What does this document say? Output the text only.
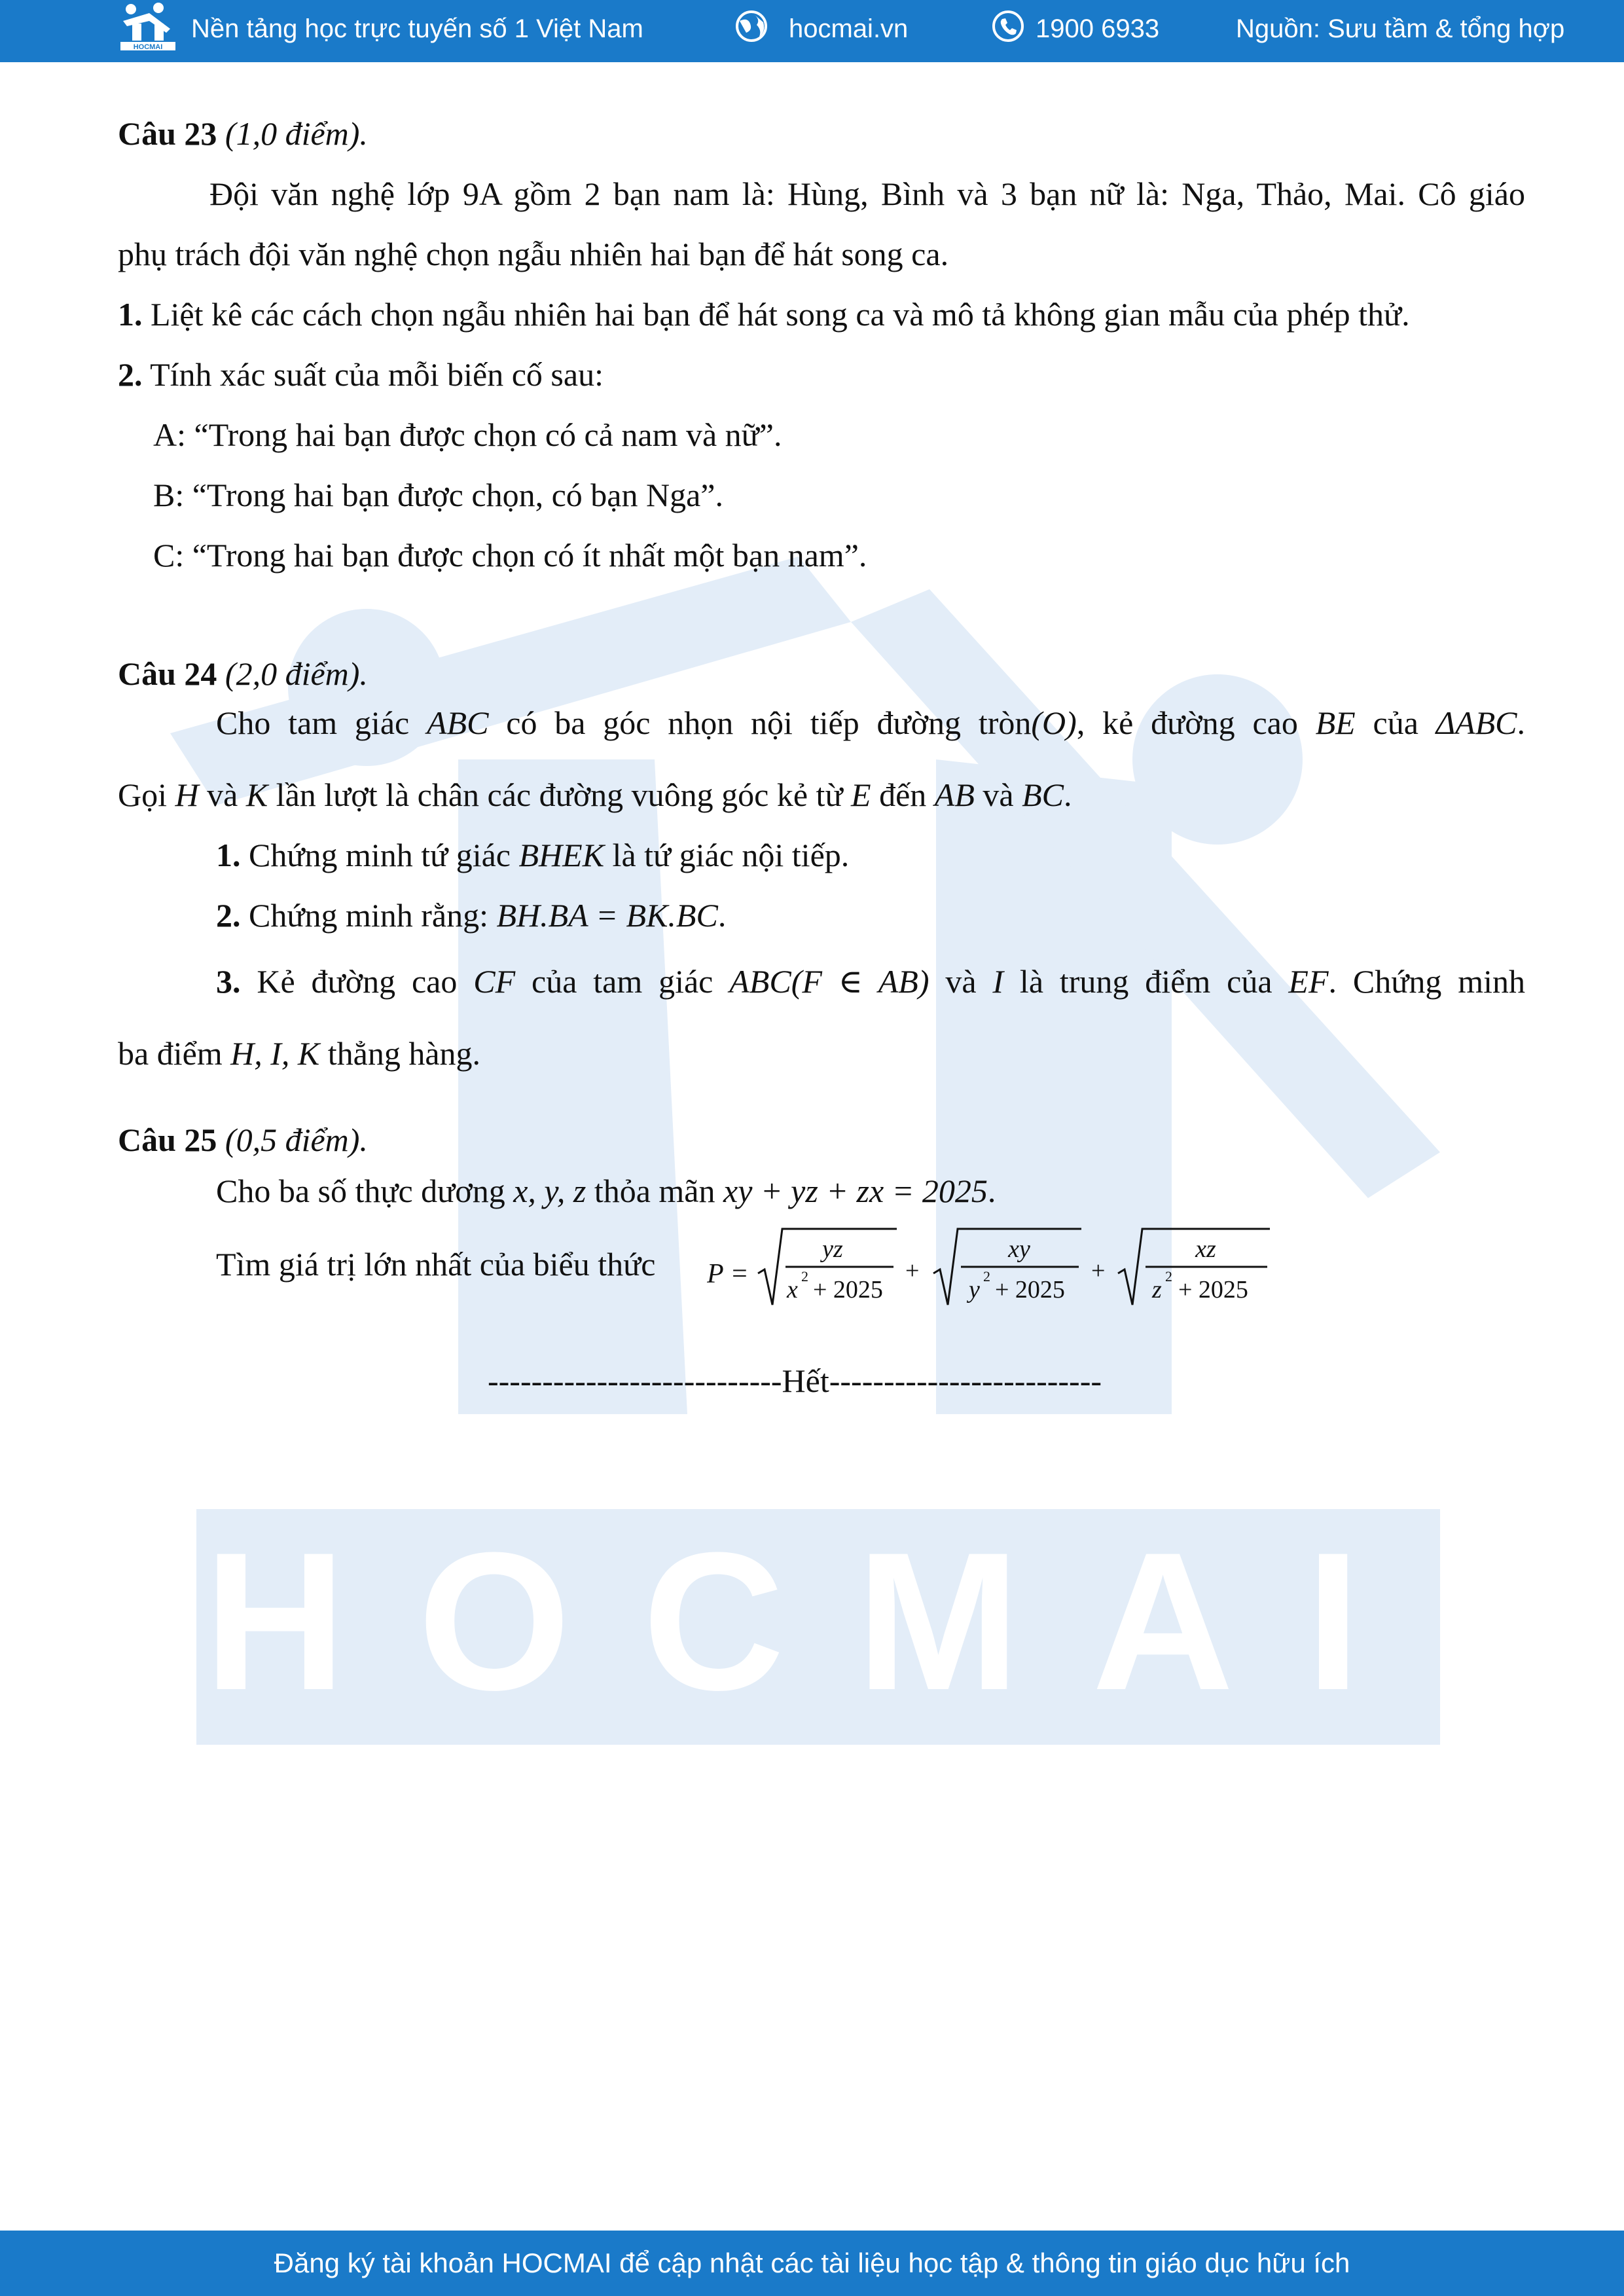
HOCMAI
HOCMAI
Nền tảng học trực tuyến số 1 Việt Nam	hocmai.vn	1900 6933	Nguồn: Sưu tầm & tổng hợp
Câu 23 (1,0 điểm).
Đội văn nghệ lớp 9A gồm 2 bạn nam là: Hùng, Bình và 3 bạn nữ là: Nga, Thảo, Mai. Cô giáo
phụ trách đội văn nghệ chọn ngẫu nhiên hai bạn để hát song ca.
1. Liệt kê các cách chọn ngẫu nhiên hai bạn để hát song ca và mô tả không gian mẫu của phép thử.
2. Tính xác suất của mỗi biến cố sau:
A: “Trong hai bạn được chọn có cả nam và nữ”.
B: “Trong hai bạn được chọn, có bạn Nga”.
C: “Trong hai bạn được chọn có ít nhất một bạn nam”.
Câu 24 (2,0 điểm).
Cho tam giác ABC có ba góc nhọn nội tiếp đường tròn(O), kẻ đường cao BE của ΔABC.
Gọi H và K lần lượt là chân các đường vuông góc kẻ từ E đến AB và BC.
1. Chứng minh tứ giác BHEK là tứ giác nội tiếp.
2. Chứng minh rằng: BH.BA = BK.BC.
3. Kẻ đường cao CF của tam giác ABC(F ∈ AB) và I là trung điểm của EF. Chứng minh
ba điểm H, I, K thẳng hàng.
Câu 25 (0,5 điểm).
Cho ba số thực dương x, y, z thỏa mãn xy + yz + zx = 2025.
Tìm giá trị lớn nhất của biểu thức P =
yz
x 2 + 2025
+
xy
y 2 + 2025
+
xz
z 2 + 2025
---------------------------Hết-------------------------
Đăng ký tài khoản HOCMAI để cập nhật các tài liệu học tập & thông tin giáo dục hữu ích
